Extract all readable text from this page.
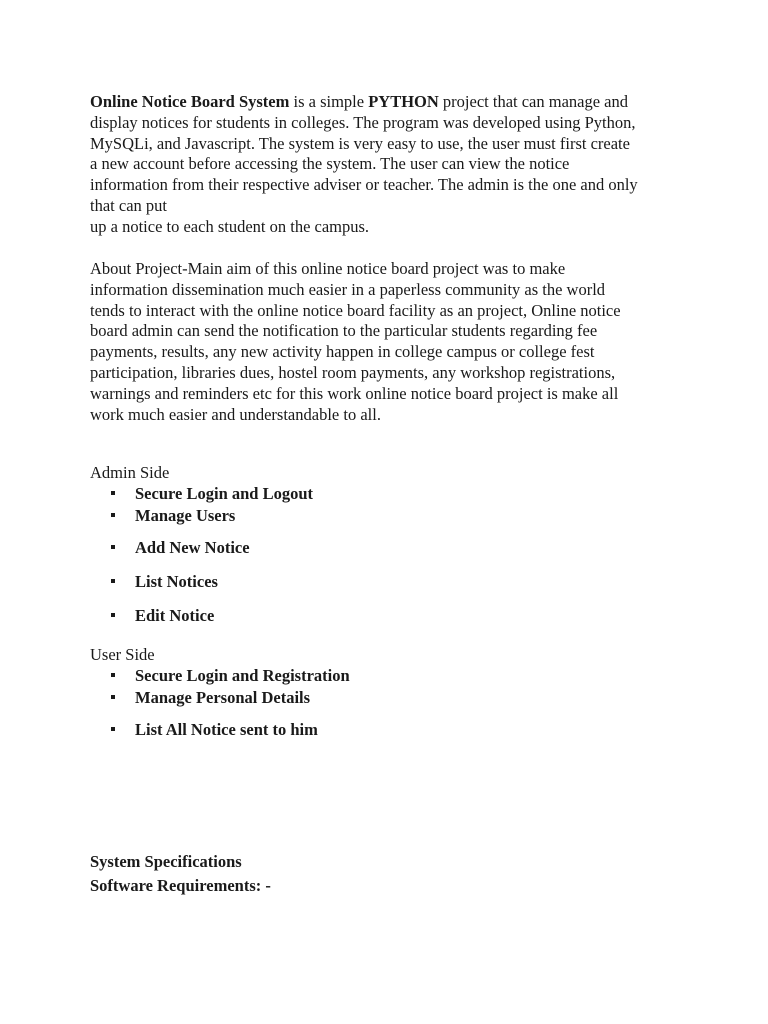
Online Notice Board System is a simple PYTHON project that can manage and
display notices for students in colleges. The program was developed using Python,
MySQLi, and Javascript. The system is very easy to use, the user must first create
a new account before accessing the system. The user can view the notice
information from their respective adviser or teacher. The admin is the one and only
that can put
up a notice to each student on the campus.

About Project-Main aim of this online notice board project was to make
information dissemination much easier in a paperless community as the world
tends to interact with the online notice board facility as an project, Online notice
board admin can send the notification to the particular students regarding fee
payments, results, any new activity happen in college campus or college fest
participation, libraries dues, hostel room payments, any workshop registrations,
warnings and reminders etc for this work online notice board project is make all
work much easier and understandable to all.

Admin Side
Secure Login and Logout
Manage Users
Add New Notice
List Notices
Edit Notice
User Side
Secure Login and Registration
Manage Personal Details
List All Notice sent to him
System Specifications
Software Requirements: -
